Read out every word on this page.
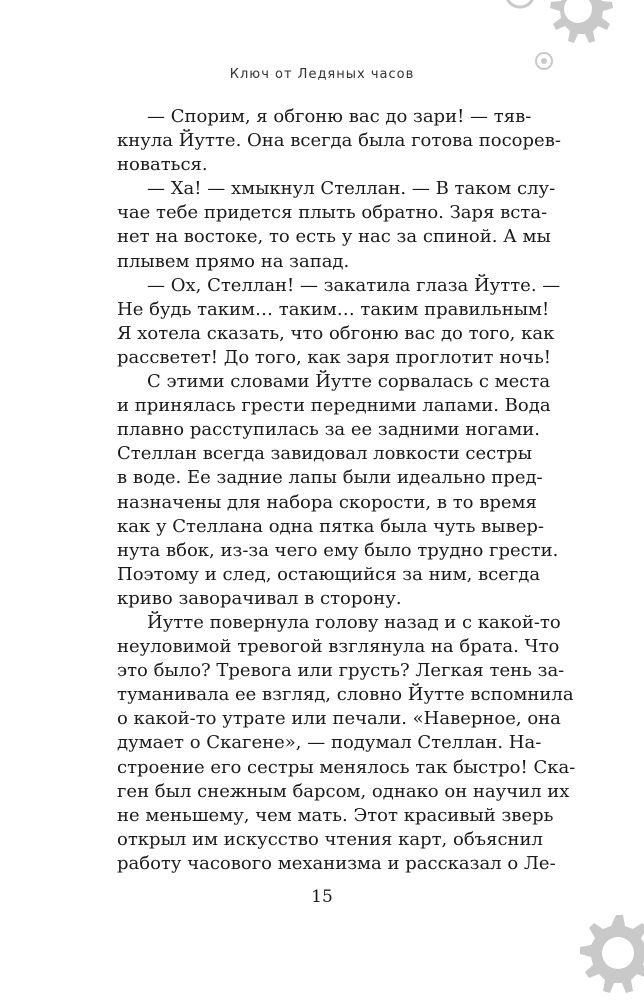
Ключ от Ледяных часов

— Спорим, я обгоню вас до зари! — тяв-
кнула Йутте. Она всегда была готова посорев-
новаться.

— Ха! — хмыкнул Стеллан. — В таком слу-
чае тебе придется плыть обратно. Заря вста-
нет на востоке, то есть у нас за спиной. А мы
плывем прямо на запад.

— Ох, Стеллан! — закатила глаза Йутте. —
Не будь таким… таким… таким правильным!
Я хотела сказать, что обгоню вас до того, как
рассветет! До того, как заря проглотит ночь!

С этими словами Йутте сорвалась с места
и принялась грести передними лапами. Вода
плавно расступилась за ее задними ногами.
Стеллан всегда завидовал ловкости сестры
в воде. Ее задние лапы были идеально пред-
назначены для набора скорости, в то время
как у Стеллана одна пятка была чуть вывер-
нута вбок, из-за чего ему было трудно грести.
Поэтому и след, остающийся за ним, всегда
криво заворачивал в сторону.

Йутте повернула голову назад и с какой-то
неуловимой тревогой взглянула на брата. Что
это было? Тревога или грусть? Легкая тень за-
туманивала ее взгляд, словно Йутте вспомнила
о какой-то утрате или печали. «Наверное, она
думает о Скагене», — подумал Стеллан. На-
строение его сестры менялось так быстро! Ска-
ген был снежным барсом, однако он научил их
не меньшему, чем мать. Этот красивый зверь
открыл им искусство чтения карт, объяснил
работу часового механизма и рассказал о Ле-

15
